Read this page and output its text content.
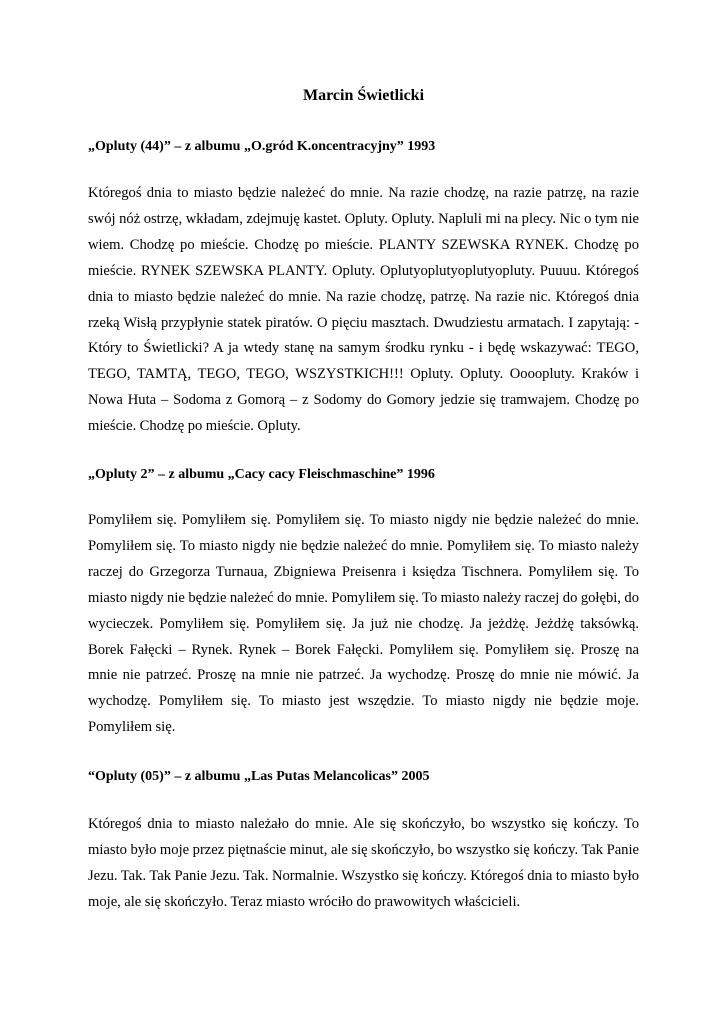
Marcin Świetlicki
„Opluty (44)” – z albumu „O.gród K.oncentracyjny” 1993

Któregoś dnia to miasto będzie należeć do mnie. Na razie chodzę, na razie patrzę, na razie swój nóż ostrzę, wkładam, zdejmuję kastet. Opluty. Opluty. Napluli mi na plecy. Nic o tym nie wiem. Chodzę po mieście. Chodzę po mieście. PLANTY SZEWSKA RYNEK. Chodzę po mieście. RYNEK SZEWSKA PLANTY. Opluty. Oplutyoplutyoplutyopluty. Puuuu. Któregoś dnia to miasto będzie należeć do mnie. Na razie chodzę, patrzę. Na razie nic. Któregoś dnia rzeką Wisłą przypłynie statek piratów. O pięciu masztach. Dwudziestu armatach. I zapytają: - Który to Świetlicki? A ja wtedy stanę na samym środku rynku - i będę wskazywać: TEGO, TEGO, TAMTĄ, TEGO, TEGO, WSZYSTKICH!!! Opluty. Opluty. Oooopluty. Kraków i Nowa Huta – Sodoma z Gomorą – z Sodomy do Gomory jedzie się tramwajem. Chodzę po mieście. Chodzę po mieście. Opluty.

„Opluty 2” – z albumu „Cacy cacy Fleischmaschine” 1996

Pomyliłem się. Pomyliłem się. Pomyliłem się. To miasto nigdy nie będzie należeć do mnie. Pomyliłem się. To miasto nigdy nie będzie należeć do mnie. Pomyliłem się. To miasto należy raczej do Grzegorza Turnaua, Zbigniewa Preisenra i księdza Tischnera. Pomyliłem się. To miasto nigdy nie będzie należeć do mnie. Pomyliłem się. To miasto należy raczej do gołębi, do wycieczek. Pomyliłem się. Pomyliłem się. Ja już nie chodzę. Ja jeżdżę. Jeżdżę taksówką. Borek Fałęcki – Rynek. Rynek – Borek Fałęcki. Pomyliłem się. Pomyliłem się. Proszę na mnie nie patrzeć. Proszę na mnie nie patrzeć. Ja wychodzę. Proszę do mnie nie mówić. Ja wychodzę. Pomyliłem się. To miasto jest wszędzie. To miasto nigdy nie będzie moje. Pomyliłem się.

“Opluty (05)” – z albumu „Las Putas Melancolicas” 2005

Któregoś dnia to miasto należało do mnie. Ale się skończyło, bo wszystko się kończy. To miasto było moje przez piętnaście minut, ale się skończyło, bo wszystko się kończy. Tak Panie Jezu. Tak. Tak Panie Jezu. Tak. Normalnie. Wszystko się kończy. Któregoś dnia to miasto było moje, ale się skończyło. Teraz miasto wróciło do prawowitych właścicieli.
